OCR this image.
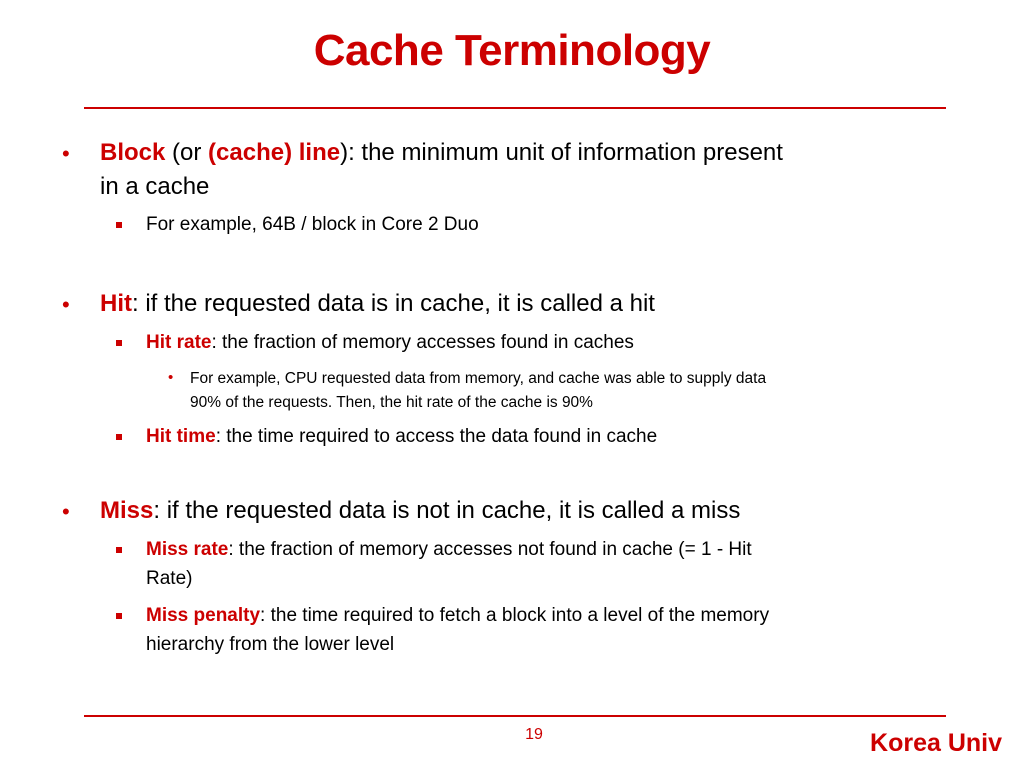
Cache Terminology
• Block (or (cache) line): the minimum unit of information present
in a cache
For example, 64B / block in Core 2 Duo
• Hit: if the requested data is in cache, it is called a hit
Hit rate: the fraction of memory accesses found in caches
• For example, CPU requested data from memory, and cache was able to supply data
90% of the requests. Then, the hit rate of the cache is 90%
Hit time: the time required to access the data found in cache
• Miss: if the requested data is not in cache, it is called a miss
Miss rate: the fraction of memory accesses not found in cache (= 1 - Hit
Rate)
Miss penalty: the time required to fetch a block into a level of the memory
hierarchy from the lower level
19	Korea Univ
